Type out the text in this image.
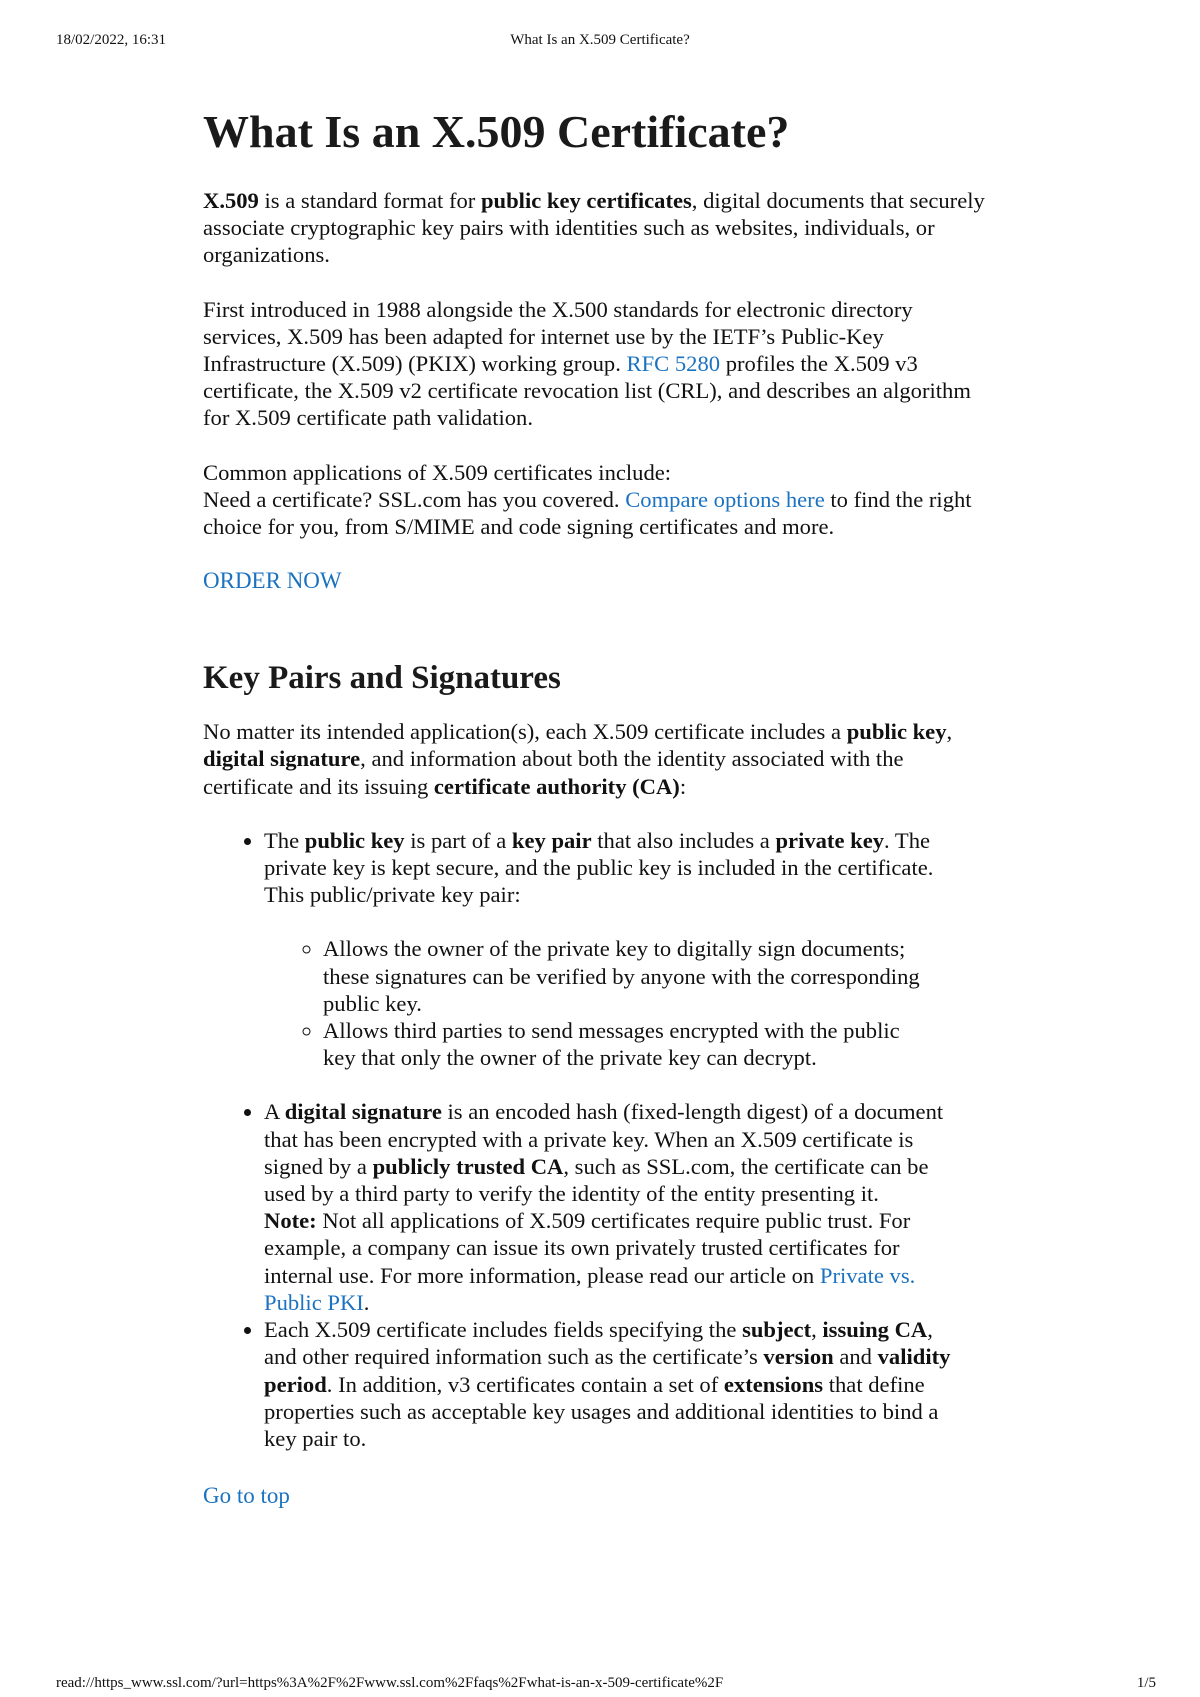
18/02/2022, 16:31	What Is an X.509 Certificate?
What Is an X.509 Certificate?

X.509 is a standard format for public key certificates, digital documents that securely associate cryptographic key pairs with identities such as websites, individuals, or organizations.

First introduced in 1988 alongside the X.500 standards for electronic directory services, X.509 has been adapted for internet use by the IETF’s Public-Key Infrastructure (X.509) (PKIX) working group. RFC 5280 profiles the X.509 v3 certificate, the X.509 v2 certificate revocation list (CRL), and describes an algorithm for X.509 certificate path validation.

Common applications of X.509 certificates include:
Need a certificate? SSL.com has you covered. Compare options here to find the right choice for you, from S/MIME and code signing certificates and more.

ORDER NOW
Key Pairs and Signatures

No matter its intended application(s), each X.509 certificate includes a public key, digital signature, and information about both the identity associated with the certificate and its issuing certificate authority (CA):

• The public key is part of a key pair that also includes a private key. The private key is kept secure, and the public key is included in the certificate. This public/private key pair:
◦ Allows the owner of the private key to digitally sign documents; these signatures can be verified by anyone with the corresponding public key.
◦ Allows third parties to send messages encrypted with the public key that only the owner of the private key can decrypt.
• A digital signature is an encoded hash (fixed-length digest) of a document that has been encrypted with a private key. When an X.509 certificate is signed by a publicly trusted CA, such as SSL.com, the certificate can be used by a third party to verify the identity of the entity presenting it.
Note: Not all applications of X.509 certificates require public trust. For example, a company can issue its own privately trusted certificates for internal use. For more information, please read our article on Private vs. Public PKI.
• Each X.509 certificate includes fields specifying the subject, issuing CA, and other required information such as the certificate’s version and validity period. In addition, v3 certificates contain a set of extensions that define properties such as acceptable key usages and additional identities to bind a key pair to.
Go to top
read://https_www.ssl.com/?url=https%3A%2F%2Fwww.ssl.com%2Ffaqs%2Fwhat-is-an-x-509-certificate%2F	1/5
